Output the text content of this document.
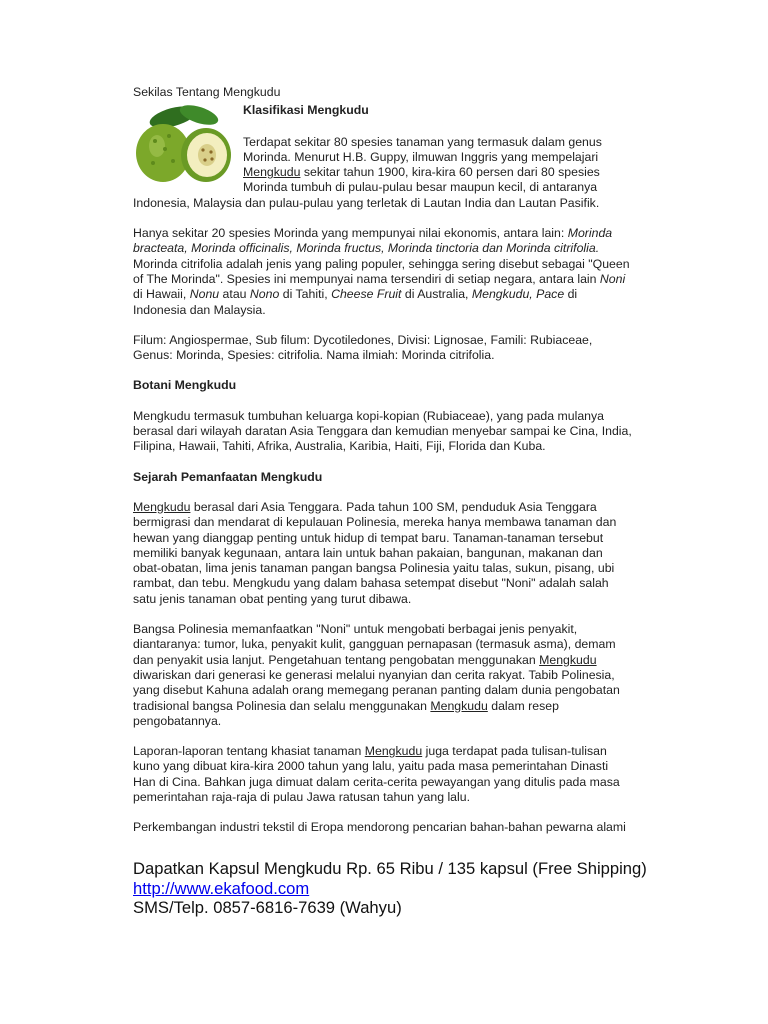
Sekilas Tentang Mengkudu

Klasifikasi Mengkudu

Terdapat sekitar 80 spesies tanaman yang termasuk dalam genus Morinda. Menurut H.B. Guppy, ilmuwan Inggris yang mempelajari Mengkudu sekitar tahun 1900, kira-kira 60 persen dari 80 spesies Morinda tumbuh di pulau-pulau besar maupun kecil, di antaranya Indonesia, Malaysia dan pulau-pulau yang terletak di Lautan India dan Lautan Pasifik.

Hanya sekitar 20 spesies Morinda yang mempunyai nilai ekonomis, antara lain: Morinda bracteata, Morinda officinalis, Morinda fructus, Morinda tinctoria dan Morinda citrifolia. Morinda citrifolia adalah jenis yang paling populer, sehingga sering disebut sebagai "Queen of The Morinda". Spesies ini mempunyai nama tersendiri di setiap negara, antara lain Noni di Hawaii, Nonu atau Nono di Tahiti, Cheese Fruit di Australia, Mengkudu, Pace di Indonesia dan Malaysia.

Filum: Angiospermae, Sub filum: Dycotiledones, Divisi: Lignosae, Famili: Rubiaceae, Genus: Morinda, Spesies: citrifolia. Nama ilmiah: Morinda citrifolia.

Botani Mengkudu

Mengkudu termasuk tumbuhan keluarga kopi-kopian (Rubiaceae), yang pada mulanya berasal dari wilayah daratan Asia Tenggara dan kemudian menyebar sampai ke Cina, India, Filipina, Hawaii, Tahiti, Afrika, Australia, Karibia, Haiti, Fiji, Florida dan Kuba.

Sejarah Pemanfaatan Mengkudu

Mengkudu berasal dari Asia Tenggara. Pada tahun 100 SM, penduduk Asia Tenggara bermigrasi dan mendarat di kepulauan Polinesia, mereka hanya membawa tanaman dan hewan yang dianggap penting untuk hidup di tempat baru. Tanaman-tanaman tersebut memiliki banyak kegunaan, antara lain untuk bahan pakaian, bangunan, makanan dan obat-obatan, lima jenis tanaman pangan bangsa Polinesia yaitu talas, sukun, pisang, ubi rambat, dan tebu. Mengkudu yang dalam bahasa setempat disebut "Noni" adalah salah satu jenis tanaman obat penting yang turut dibawa.

Bangsa Polinesia memanfaatkan "Noni" untuk mengobati berbagai jenis penyakit, diantaranya: tumor, luka, penyakit kulit, gangguan pernapasan (termasuk asma), demam dan penyakit usia lanjut. Pengetahuan tentang pengobatan menggunakan Mengkudu diwariskan dari generasi ke generasi melalui nyanyian dan cerita rakyat. Tabib Polinesia, yang disebut Kahuna adalah orang memegang peranan panting dalam dunia pengobatan tradisional bangsa Polinesia dan selalu menggunakan Mengkudu dalam resep pengobatannya.

Laporan-laporan tentang khasiat tanaman Mengkudu juga terdapat pada tulisan-tulisan kuno yang dibuat kira-kira 2000 tahun yang lalu, yaitu pada masa pemerintahan Dinasti Han di Cina. Bahkan juga dimuat dalam cerita-cerita pewayangan yang ditulis pada masa pemerintahan raja-raja di pulau Jawa ratusan tahun yang lalu.

Perkembangan industri tekstil di Eropa mendorong pencarian bahan-bahan pewarna alami

Dapatkan Kapsul Mengkudu Rp. 65 Ribu / 135 kapsul (Free Shipping)
http://www.ekafood.com
SMS/Telp. 0857-6816-7639 (Wahyu)
